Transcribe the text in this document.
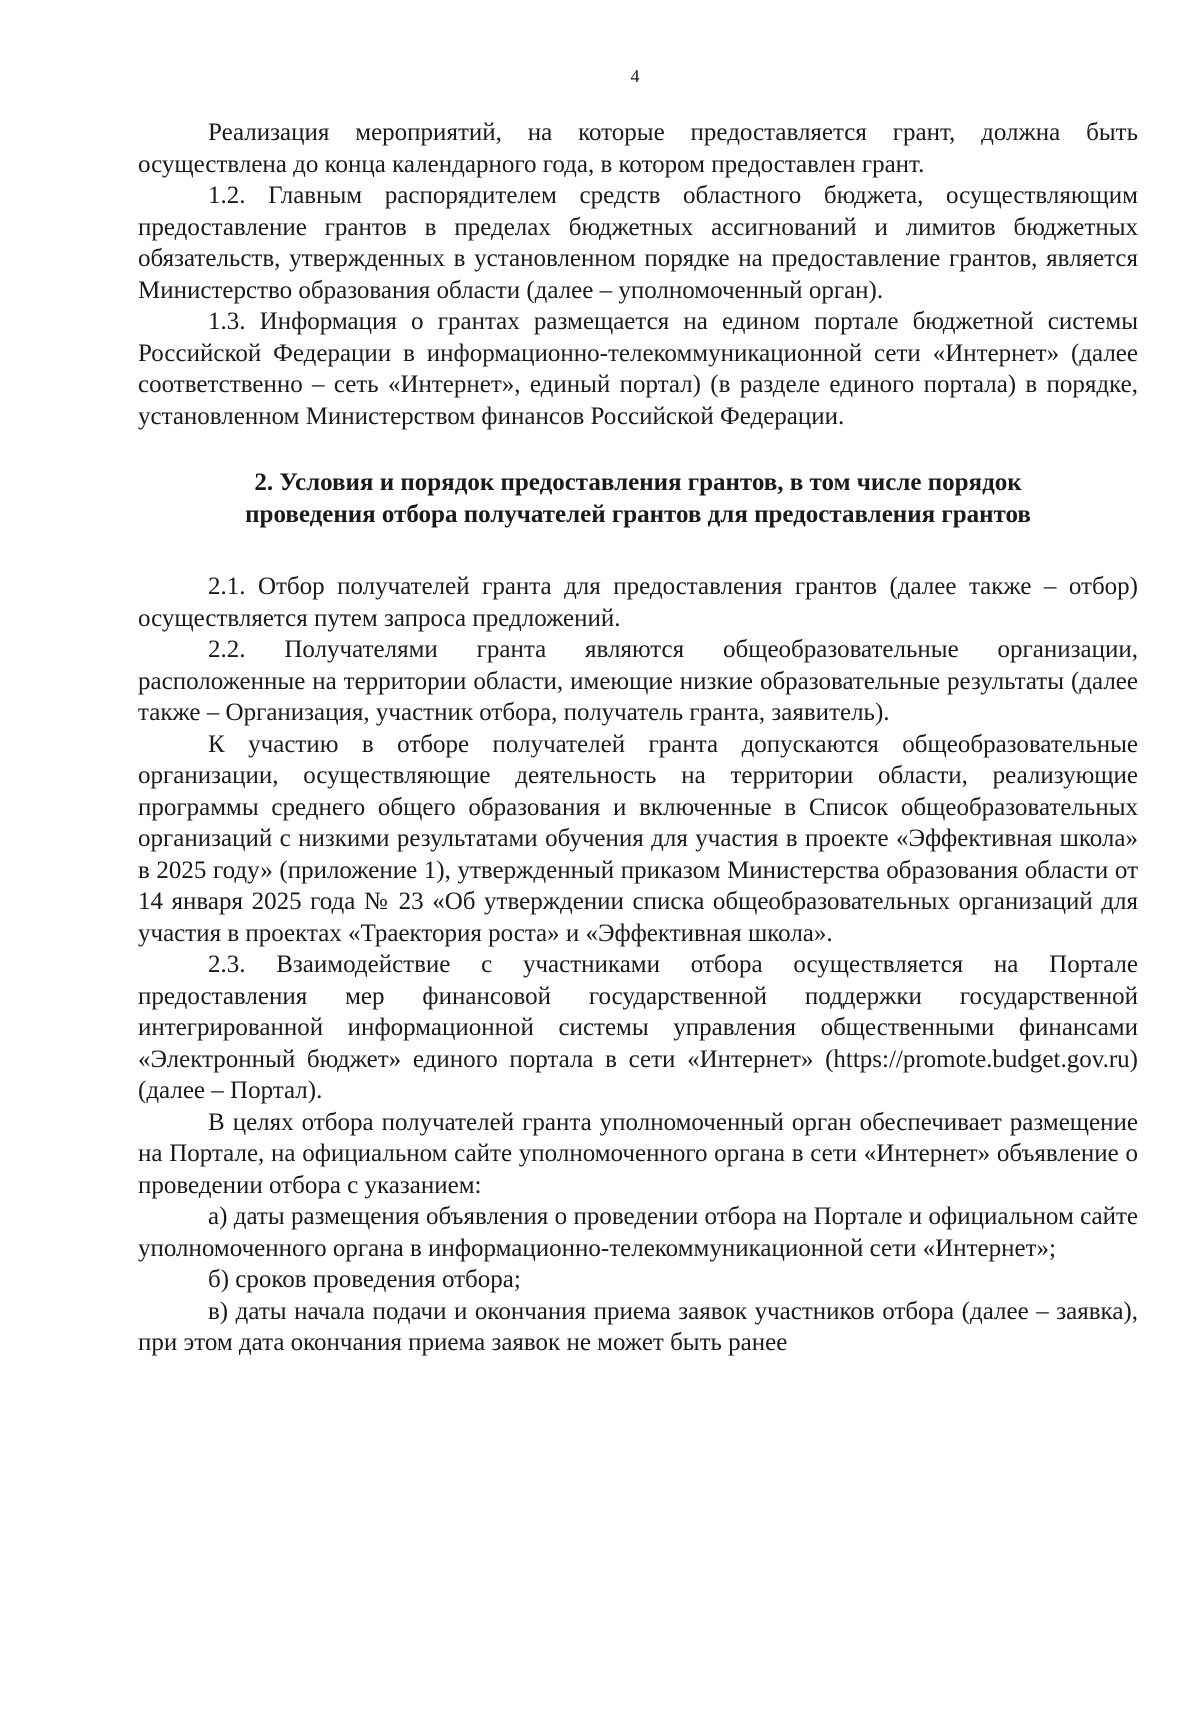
4

Реализация мероприятий, на которые предоставляется грант, должна быть осуществлена до конца календарного года, в котором предоставлен грант.

1.2. Главным распорядителем средств областного бюджета, осуществляющим предоставление грантов в пределах бюджетных ассигнований и лимитов бюджетных обязательств, утвержденных в установленном порядке на предоставление грантов, является Министерство образования области (далее – уполномоченный орган).

1.3. Информация о грантах размещается на едином портале бюджетной системы Российской Федерации в информационно-телекоммуникационной сети «Интернет» (далее соответственно – сеть «Интернет», единый портал) (в разделе единого портала) в порядке, установленном Министерством финансов Российской Федерации.

2. Условия и порядок предоставления грантов, в том числе порядок
проведения отбора получателей грантов для предоставления грантов

2.1. Отбор получателей гранта для предоставления грантов (далее также – отбор) осуществляется путем запроса предложений.

2.2. Получателями гранта являются общеобразовательные организации, расположенные на территории области, имеющие низкие образовательные результаты (далее также – Организация, участник отбора, получатель гранта, заявитель).

К участию в отборе получателей гранта допускаются общеобразовательные организации, осуществляющие деятельность на территории области, реализующие программы среднего общего образования и включенные в Список общеобразовательных организаций с низкими результатами обучения для участия в проекте «Эффективная школа» в 2025 году» (приложение 1), утвержденный приказом Министерства образования области от 14 января 2025 года № 23 «Об утверждении списка общеобразовательных организаций для участия в проектах «Траектория роста» и «Эффективная школа».

2.3. Взаимодействие с участниками отбора осуществляется на Портале предоставления мер финансовой государственной поддержки государственной интегрированной информационной системы управления общественными финансами «Электронный бюджет» единого портала в сети «Интернет» (https://promote.budget.gov.ru) (далее – Портал).

В целях отбора получателей гранта уполномоченный орган обеспечивает размещение на Портале, на официальном сайте уполномоченного органа в сети «Интернет» объявление о проведении отбора с указанием:

а) даты размещения объявления о проведении отбора на Портале и официальном сайте уполномоченного органа в информационно-телекоммуникационной сети «Интернет»;

б) сроков проведения отбора;

в) даты начала подачи и окончания приема заявок участников отбора (далее – заявка), при этом дата окончания приема заявок не может быть ранее
